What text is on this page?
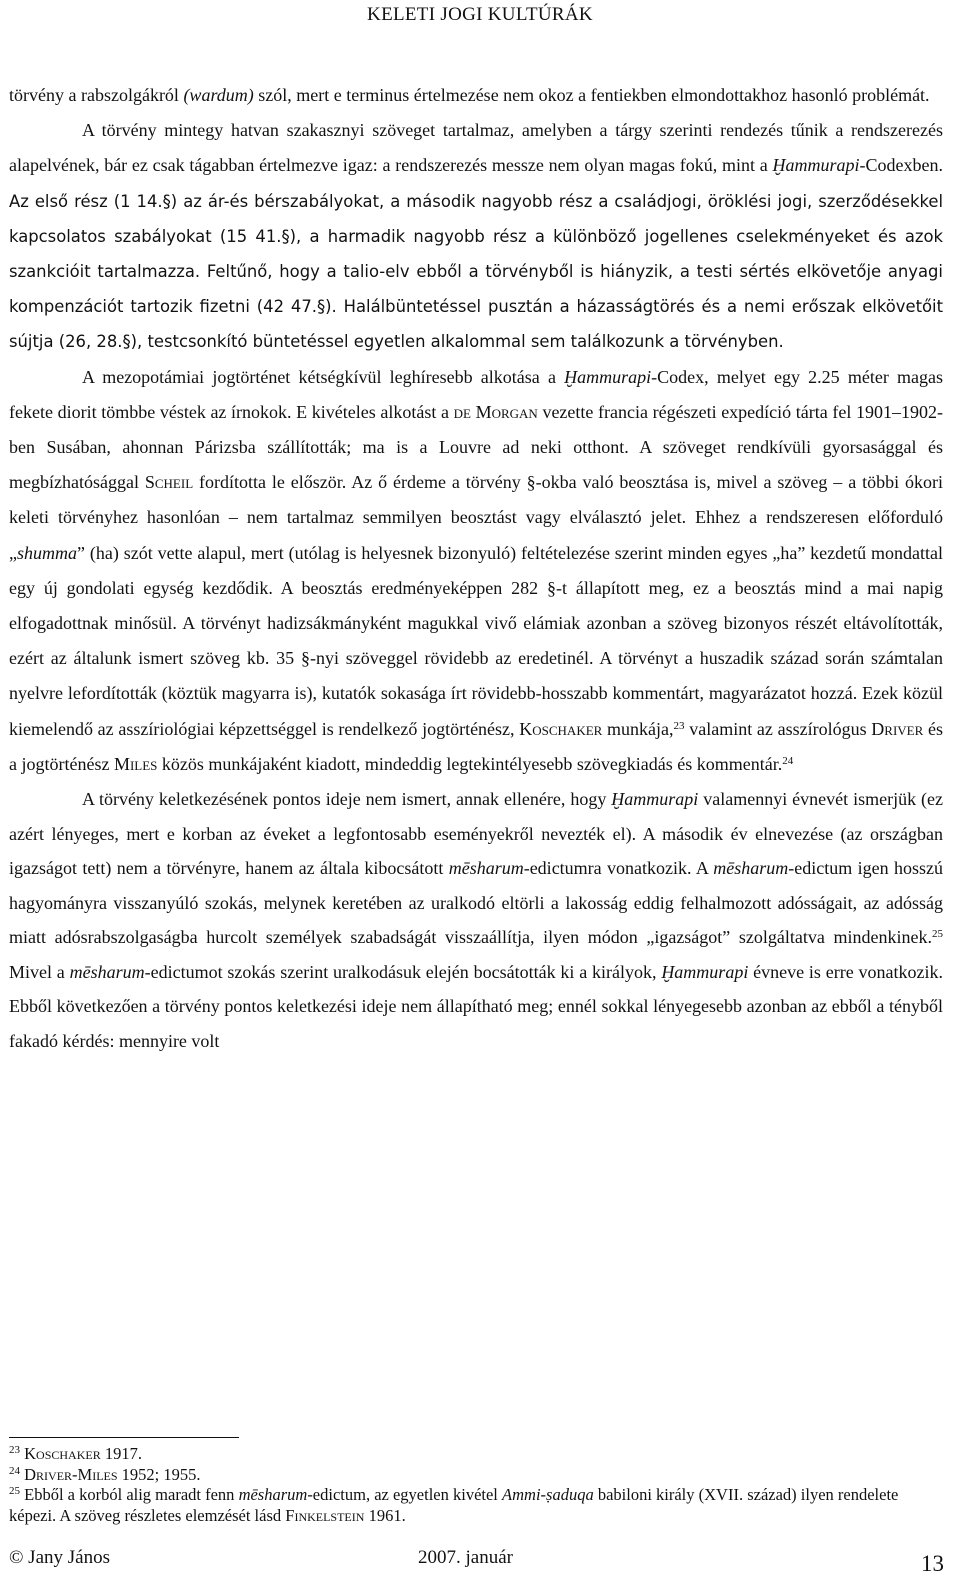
KELETI JOGI KULTÚRÁK

törvény a rabszolgákról (wardum) szól, mert e terminus értelmezése nem okoz a fentiekben elmondottakhoz hasonló problémát.

A törvény mintegy hatvan szakasznyi szöveget tartalmaz, amelyben a tárgy szerinti rendezés tűnik a rendszerezés alapelvének, bár ez csak tágabban értelmezve igaz: a rendszerezés messze nem olyan magas fokú, mint a Ḫammurapi-Codexben. Az első rész (1 14.§) az ár-és bérszabályokat, a második nagyobb rész a családjogi, öröklési jogi, szerződésekkel kapcsolatos szabályokat (15 41.§), a harmadik nagyobb rész a különböző jogellenes cselekményeket és azok szankcióit tartalmazza. Feltűnő, hogy a talio-elv ebből a törvényből is hiányzik, a testi sértés elkövetője anyagi kompenzációt tartozik fizetni (42 47.§). Halálbüntetéssel pusztán a házasságtörés és a nemi erőszak elkövetőit sújtja (26, 28.§), testcsonkító büntetéssel egyetlen alkalommal sem találkozunk a törvényben.

A mezopotámiai jogtörténet kétségkívül leghíresebb alkotása a Ḫammurapi-Codex, melyet egy 2.25 méter magas fekete diorit tömbbe véstek az írnokok. E kivételes alkotást a de Morgan vezette francia régészeti expedíció tárta fel 1901–1902-ben Susában, ahonnan Párizsba szállították; ma is a Louvre ad neki otthont. A szöveget rendkívüli gyorsasággal és megbízhatósággal Scheil fordította le először. Az ő érdeme a törvény §-okba való beosztása is, mivel a szöveg – a többi ókori keleti törvényhez hasonlóan – nem tartalmaz semmilyen beosztást vagy elválasztó jelet. Ehhez a rendszeresen előforduló „shumma” (ha) szót vette alapul, mert (utólag is helyesnek bizonyuló) feltételezése szerint minden egyes „ha” kezdetű mondattal egy új gondolati egység kezdődik. A beosztás eredményeképpen 282 §-t állapított meg, ez a beosztás mind a mai napig elfogadottnak minősül. A törvényt hadizsákmányként magukkal vivő elámiak azonban a szöveg bizonyos részét eltávolították, ezért az általunk ismert szöveg kb. 35 §-nyi szöveggel rövidebb az eredetinél. A törvényt a huszadik század során számtalan nyelvre lefordították (köztük magyarra is), kutatók sokasága írt rövidebb-hosszabb kommentárt, magyarázatot hozzá. Ezek közül kiemelendő az asszíriológiai képzettséggel is rendelkező jogtörténész, Koschaker munkája,$^{23}$ valamint az asszírológus Driver és a jogtörténész Miles közös munkájaként kiadott, mindeddig legtekintélyesebb szövegkiadás és kommentár.$^{24}$

A törvény keletkezésének pontos ideje nem ismert, annak ellenére, hogy Ḫammurapi valamennyi évnevét ismerjük (ez azért lényeges, mert e korban az éveket a legfontosabb eseményekről nevezték el). A második év elnevezése (az országban igazságot tett) nem a törvényre, hanem az általa kibocsátott mēsharum-edictumra vonatkozik. A mēsharum-edictum igen hosszú hagyományra visszanyúló szokás, melynek keretében az uralkodó eltörli a lakosság eddig felhalmozott adósságait, az adósság miatt adósrabszolgaságba hurcolt személyek szabadságát visszaállítja, ilyen módon „igazságot” szolgáltatva mindenkinek.$^{25}$ Mivel a mēsharum-edictumot szokás szerint uralkodásuk elején bocsátották ki a királyok, Ḫammurapi évneve is erre vonatkozik. Ebből következően a törvény pontos keletkezési ideje nem állapítható meg; ennél sokkal lényegesebb azonban az ebből a tényből fakadó kérdés: mennyire volt

$^{23}$ Koschaker 1917.

$^{24}$ Driver-Miles 1952; 1955.

$^{25}$ Ebből a korból alig maradt fenn mēsharum-edictum, az egyetlen kivétel Ammi-ṣaduqa babiloni király (XVII. század) ilyen rendelete képezi. A szöveg részletes elemzését lásd Finkelstein 1961.

© Jany János	2007. január	13
